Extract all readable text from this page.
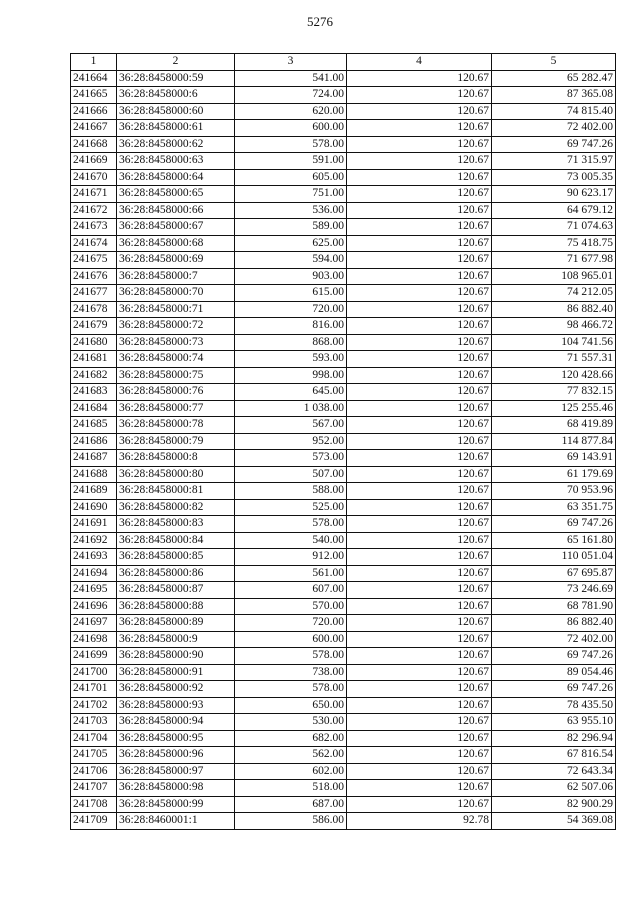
5276
1	2	3	4	5
241664	36:28:8458000:59	541.00	120.67	65 282.47
241665	36:28:8458000:6	724.00	120.67	87 365.08
241666	36:28:8458000:60	620.00	120.67	74 815.40
241667	36:28:8458000:61	600.00	120.67	72 402.00
241668	36:28:8458000:62	578.00	120.67	69 747.26
241669	36:28:8458000:63	591.00	120.67	71 315.97
241670	36:28:8458000:64	605.00	120.67	73 005.35
241671	36:28:8458000:65	751.00	120.67	90 623.17
241672	36:28:8458000:66	536.00	120.67	64 679.12
241673	36:28:8458000:67	589.00	120.67	71 074.63
241674	36:28:8458000:68	625.00	120.67	75 418.75
241675	36:28:8458000:69	594.00	120.67	71 677.98
241676	36:28:8458000:7	903.00	120.67	108 965.01
241677	36:28:8458000:70	615.00	120.67	74 212.05
241678	36:28:8458000:71	720.00	120.67	86 882.40
241679	36:28:8458000:72	816.00	120.67	98 466.72
241680	36:28:8458000:73	868.00	120.67	104 741.56
241681	36:28:8458000:74	593.00	120.67	71 557.31
241682	36:28:8458000:75	998.00	120.67	120 428.66
241683	36:28:8458000:76	645.00	120.67	77 832.15
241684	36:28:8458000:77	1 038.00	120.67	125 255.46
241685	36:28:8458000:78	567.00	120.67	68 419.89
241686	36:28:8458000:79	952.00	120.67	114 877.84
241687	36:28:8458000:8	573.00	120.67	69 143.91
241688	36:28:8458000:80	507.00	120.67	61 179.69
241689	36:28:8458000:81	588.00	120.67	70 953.96
241690	36:28:8458000:82	525.00	120.67	63 351.75
241691	36:28:8458000:83	578.00	120.67	69 747.26
241692	36:28:8458000:84	540.00	120.67	65 161.80
241693	36:28:8458000:85	912.00	120.67	110 051.04
241694	36:28:8458000:86	561.00	120.67	67 695.87
241695	36:28:8458000:87	607.00	120.67	73 246.69
241696	36:28:8458000:88	570.00	120.67	68 781.90
241697	36:28:8458000:89	720.00	120.67	86 882.40
241698	36:28:8458000:9	600.00	120.67	72 402.00
241699	36:28:8458000:90	578.00	120.67	69 747.26
241700	36:28:8458000:91	738.00	120.67	89 054.46
241701	36:28:8458000:92	578.00	120.67	69 747.26
241702	36:28:8458000:93	650.00	120.67	78 435.50
241703	36:28:8458000:94	530.00	120.67	63 955.10
241704	36:28:8458000:95	682.00	120.67	82 296.94
241705	36:28:8458000:96	562.00	120.67	67 816.54
241706	36:28:8458000:97	602.00	120.67	72 643.34
241707	36:28:8458000:98	518.00	120.67	62 507.06
241708	36:28:8458000:99	687.00	120.67	82 900.29
241709	36:28:8460001:1	586.00	92.78	54 369.08
